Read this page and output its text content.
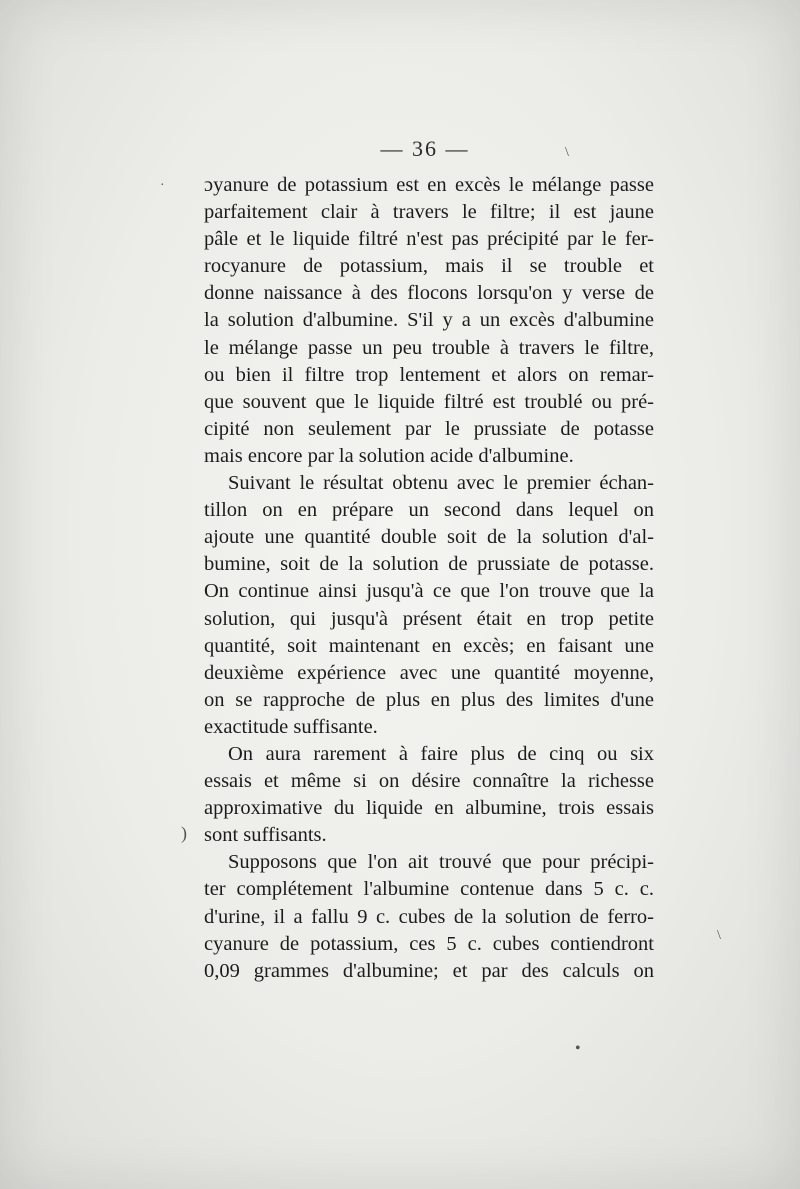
— 36 —
ɔyanure de potassium est en excès le mélange passe
parfaitement clair à travers le filtre; il est jaune
pâle et le liquide filtré n'est pas précipité par le fer-
rocyanure de potassium, mais il se trouble et
donne naissance à des flocons lorsqu'on y verse de
la solution d'albumine. S'il y a un excès d'albumine
le mélange passe un peu trouble à travers le filtre,
ou bien il filtre trop lentement et alors on remar-
que souvent que le liquide filtré est troublé ou pré-
cipité non seulement par le prussiate de potasse
mais encore par la solution acide d'albumine.
Suivant le résultat obtenu avec le premier échan-
tillon on en prépare un second dans lequel on
ajoute une quantité double soit de la solution d'al-
bumine, soit de la solution de prussiate de potasse.
On continue ainsi jusqu'à ce que l'on trouve que la
solution, qui jusqu'à présent était en trop petite
quantité, soit maintenant en excès; en faisant une
deuxième expérience avec une quantité moyenne,
on se rapproche de plus en plus des limites d'une
exactitude suffisante.
On aura rarement à faire plus de cinq ou six
essais et même si on désire connaître la richesse
approximative du liquide en albumine, trois essais
sont suffisants.
Supposons que l'on ait trouvé que pour précipi-
ter complétement l'albumine contenue dans 5 c. c.
d'urine, il a fallu 9 c. cubes de la solution de ferro-
cyanure de potassium, ces 5 c. cubes contiendront
0,09 grammes d'albumine; et par des calculs on
·
\
)
\
•
